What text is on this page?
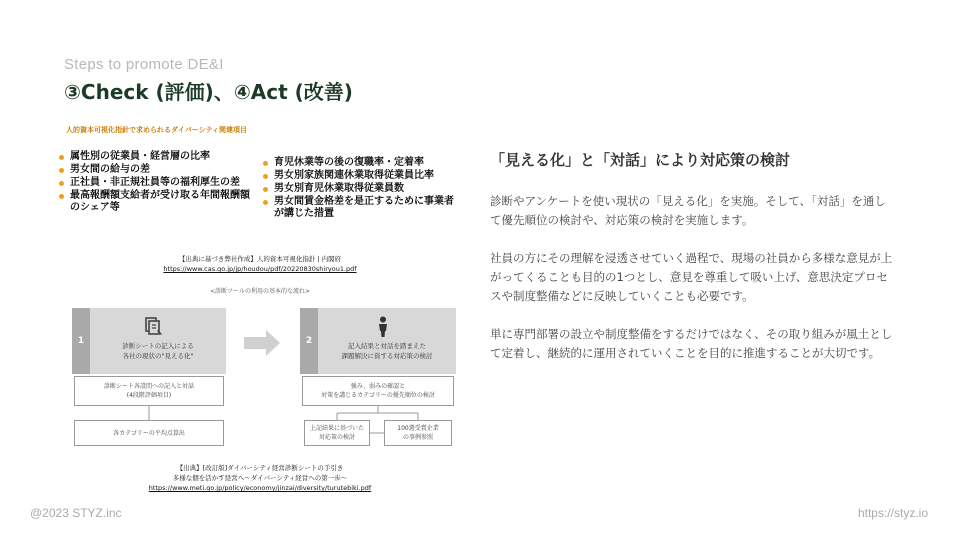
Steps to promote DE&I
③Check (評価)、④Act (改善)
人的資本可視化指針で求められるダイバーシティ関連項目
属性別の従業員・経営層の比率
男女間の給与の差
正社員・非正規社員等の福利厚生の差
最高報酬額支給者が受け取る年間報酬額のシェア等
育児休業等の後の復職率・定着率
男女別家族関連休業取得従業員比率
男女別育児休業取得従業員数
男女間賃金格差を是正するために事業者が講じた措置
【出典に基づき弊社作成】人的資本可視化指針 | 内閣府
https://www.cas.go.jp/jp/houdou/pdf/20220830shiryou1.pdf
<診断ツールの利用の基本的な流れ>
1	診断シートの記入による
各社の現状の"見える化"
2	記入結果と対話を踏まえた
課題解決に資する対応策の検討
診断シート各設問への記入と対話
(4段階評価項目)
各カテゴリーの平均点算出
強み、弱みの確認と
対策を講じるカテゴリーの優先順位の検討
上記結果に基づいた
対応策の検討
100選受賞企業
の事例参照
【出典】[改訂版]ダイバーシティ経営診断シートの手引き
多様な個を活かす経営へ～ダイバーシティ経営への第一歩～
https://www.meti.go.jp/policy/economy/jinzai/diversity/turutebiki.pdf
「見える化」と「対話」により対応策の検討

診断やアンケートを使い現状の「見える化」を実施。そして、「対話」を通して優先順位の検討や、対応策の検討を実施します。

社員の方にその理解を浸透させていく過程で、現場の社員から多様な意見が上がってくることも目的の1つとし、意見を尊重して吸い上げ、意思決定プロセスや制度整備などに反映していくことも必要です。

単に専門部署の設立や制度整備をするだけではなく、その取り組みが風土として定着し、継続的に運用されていくことを目的に推進することが大切です。

@2023 STYZ.inc	https://styz.io
